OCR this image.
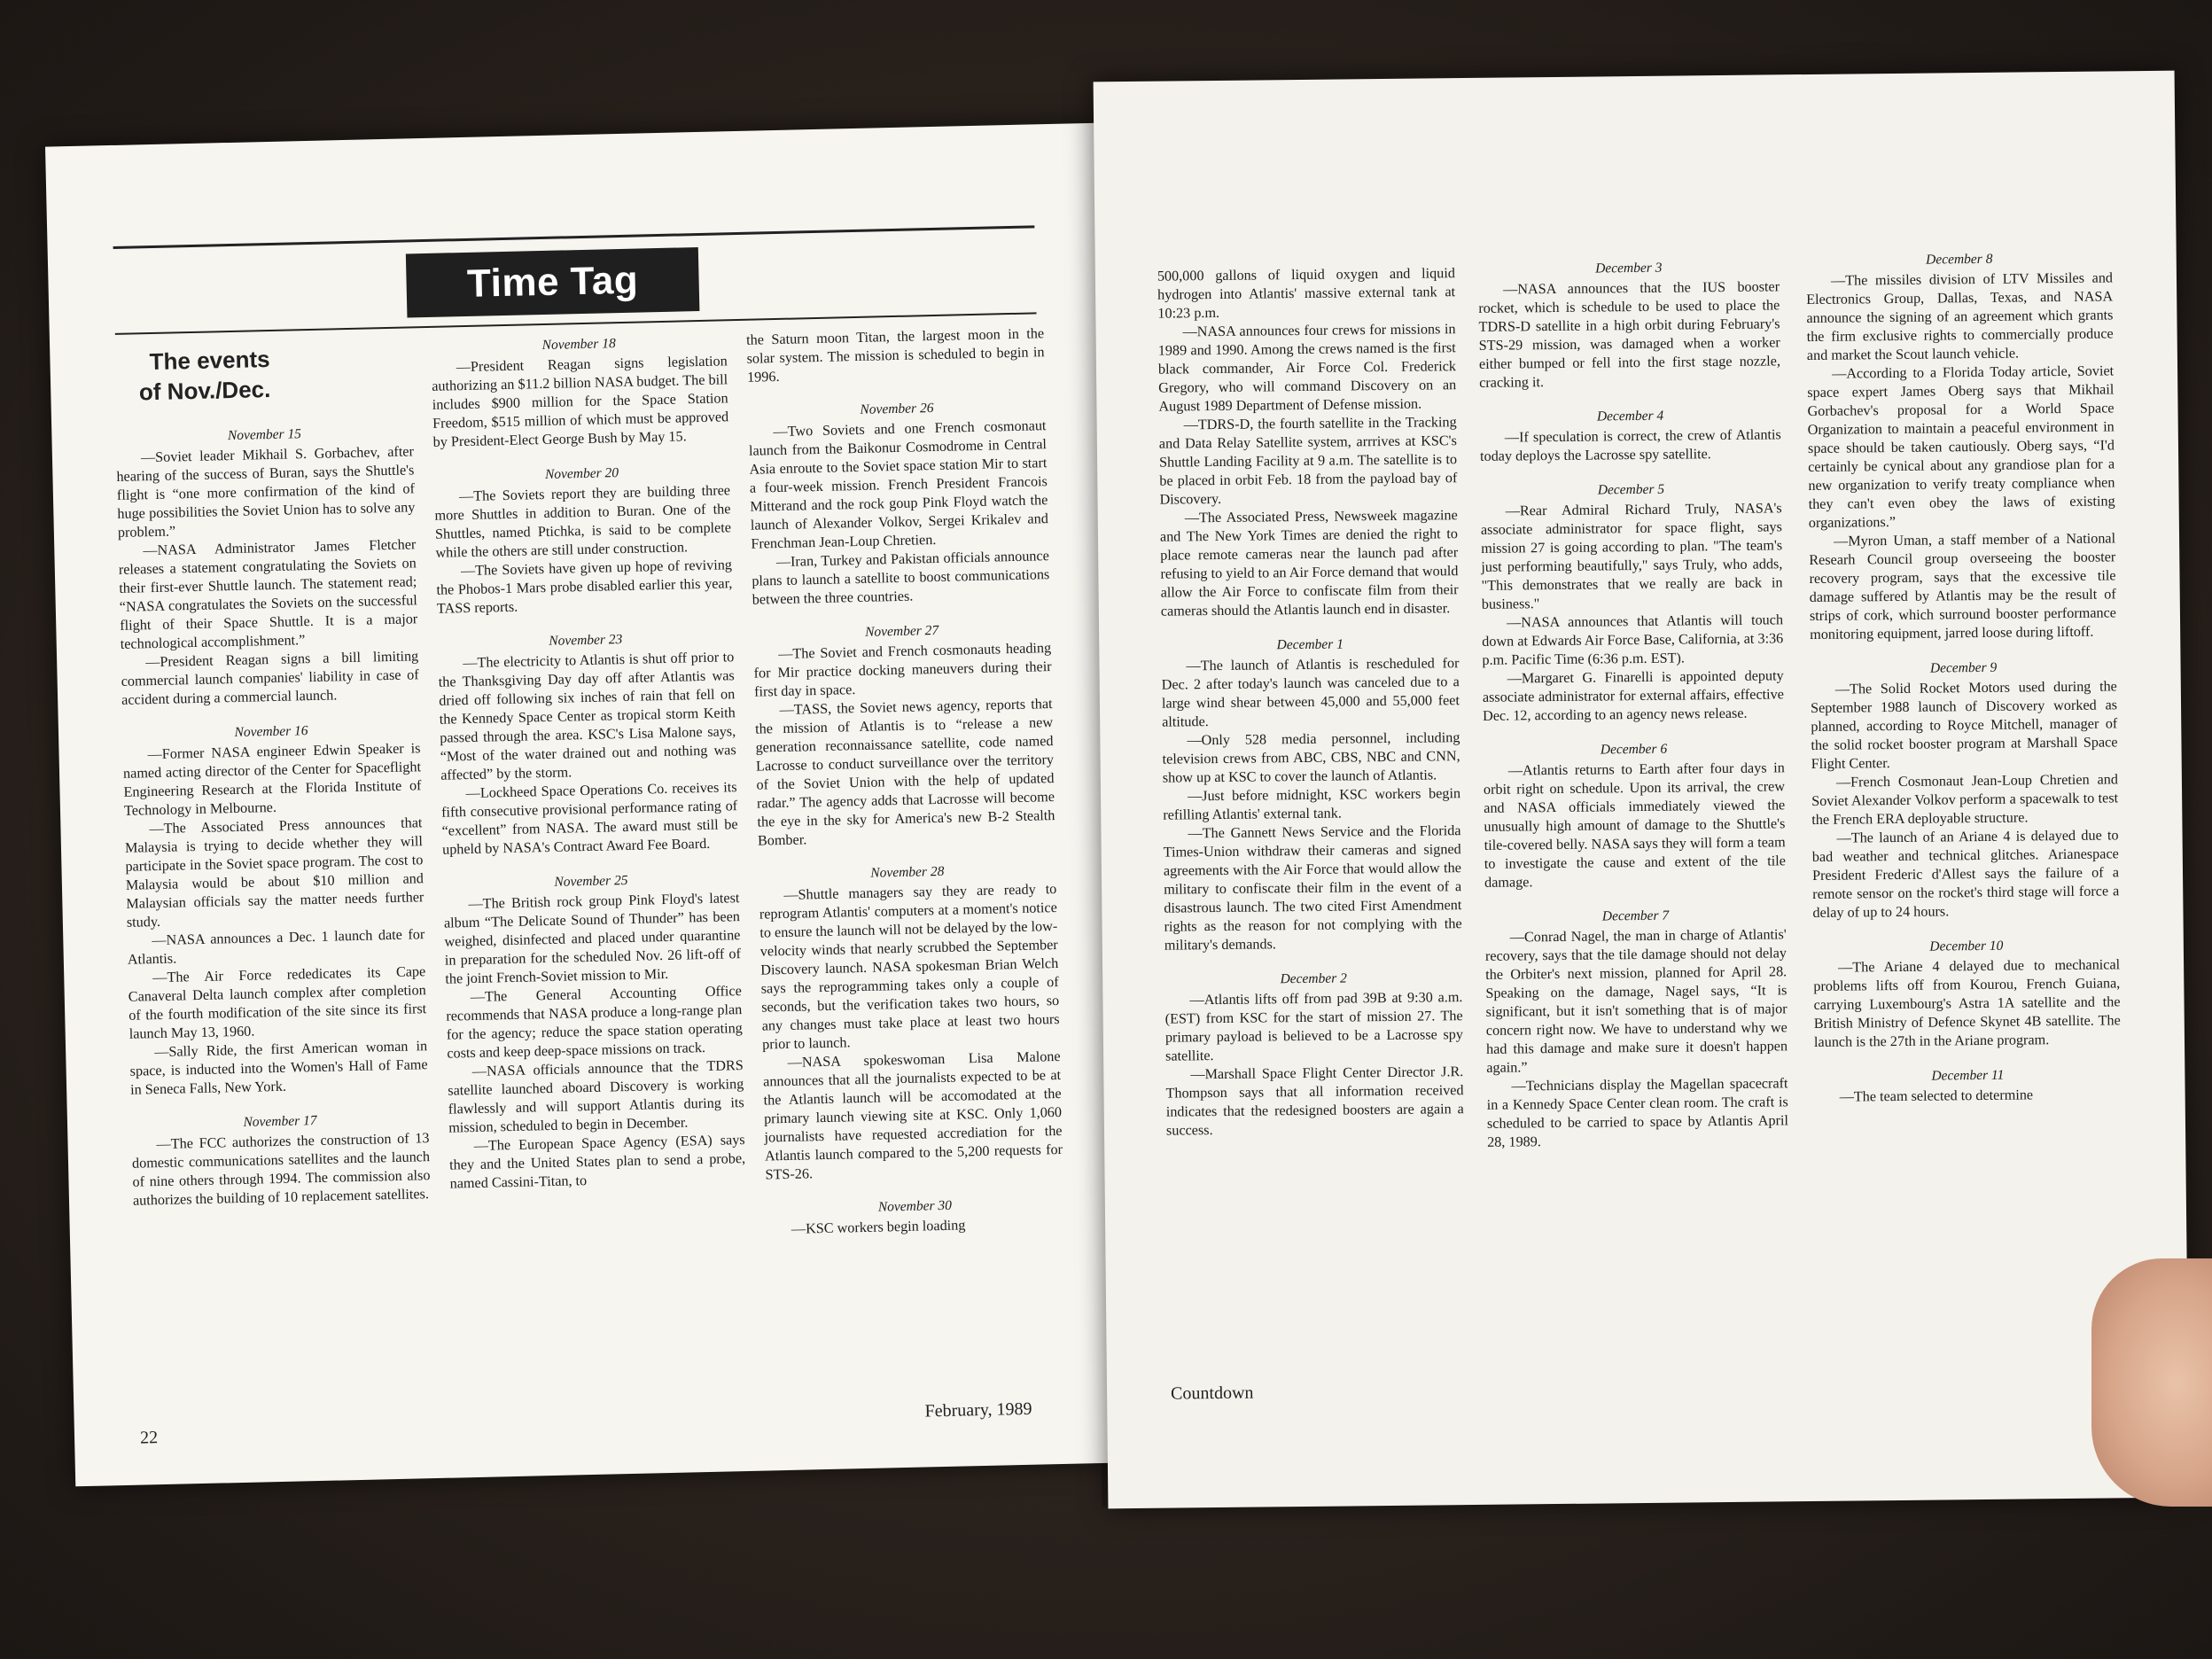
Time Tag
The events
of Nov./Dec.
November 15

—Soviet leader Mikhail S. Gorbachev, after hearing of the success of Buran, says the Shuttle's flight is “one more confirmation of the kind of huge possibilities the Soviet Union has to solve any problem.”

—NASA Administrator James Fletcher releases a statement congratulating the Soviets on their first-ever Shuttle launch. The statement read; “NASA congratulates the Soviets on the successful flight of their Space Shuttle. It is a major technological accomplishment.”

—President Reagan signs a bill limiting commercial launch companies' liability in case of accident during a commercial launch.

November 16

—Former NASA engineer Edwin Speaker is named acting director of the Center for Spaceflight Engineering Research at the Florida Institute of Technology in Melbourne.

—The Associated Press announces that Malaysia is trying to decide whether they will participate in the Soviet space program. The cost to Malaysia would be about $10 million and Malaysian officials say the matter needs further study.

—NASA announces a Dec. 1 launch date for Atlantis.

—The Air Force rededicates its Cape Canaveral Delta launch complex after completion of the fourth modification of the site since its first launch May 13, 1960.

—Sally Ride, the first American woman in space, is inducted into the Women's Hall of Fame in Seneca Falls, New York.

November 17

—The FCC authorizes the construction of 13 domestic communications satellites and the launch of nine others through 1994. The commission also authorizes the building of 10 replacement satellites.

November 18

—President Reagan signs legislation authorizing an $11.2 billion NASA budget. The bill includes $900 million for the Space Station Freedom, $515 million of which must be approved by President-Elect George Bush by May 15.

November 20

—The Soviets report they are building three more Shuttles in addition to Buran. One of the Shuttles, named Ptichka, is said to be complete while the others are still under construction.

—The Soviets have given up hope of reviving the Phobos-1 Mars probe disabled earlier this year, TASS reports.

November 23

—The electricity to Atlantis is shut off prior to the Thanksgiving Day day off after Atlantis was dried off following six inches of rain that fell on the Kennedy Space Center as tropical storm Keith passed through the area. KSC's Lisa Malone says, “Most of the water drained out and nothing was affected” by the storm.

—Lockheed Space Operations Co. receives its fifth consecutive provisional performance rating of “excellent” from NASA. The award must still be upheld by NASA's Contract Award Fee Board.

November 25

—The British rock group Pink Floyd's latest album “The Delicate Sound of Thunder” has been weighed, disinfected and placed under quarantine in preparation for the scheduled Nov. 26 lift-off of the joint French-Soviet mission to Mir.

—The General Accounting Office recommends that NASA produce a long-range plan for the agency; reduce the space station operating costs and keep deep-space missions on track.

—NASA officials announce that the TDRS satellite launched aboard Discovery is working flawlessly and will support Atlantis during its mission, scheduled to begin in December.

—The European Space Agency (ESA) says they and the United States plan to send a probe, named Cassini-Titan, to

the Saturn moon Titan, the largest moon in the solar system. The mission is scheduled to begin in 1996.

November 26

—Two Soviets and one French cosmonaut launch from the Baikonur Cosmodrome in Central Asia enroute to the Soviet space station Mir to start a four-week mission. French President Francois Mitterand and the rock goup Pink Floyd watch the launch of Alexander Volkov, Sergei Krikalev and Frenchman Jean-Loup Chretien.

—Iran, Turkey and Pakistan officials announce plans to launch a satellite to boost communications between the three countries.

November 27

—The Soviet and French cosmonauts heading for Mir practice docking maneuvers during their first day in space.

—TASS, the Soviet news agency, reports that the mission of Atlantis is to “release a new generation reconnaissance satellite, code named Lacrosse to conduct surveillance over the territory of the Soviet Union with the help of updated radar.” The agency adds that Lacrosse will become the eye in the sky for America's new B-2 Stealth Bomber.

November 28

—Shuttle managers say they are ready to reprogram Atlantis' computers at a moment's notice to ensure the launch will not be delayed by the low-velocity winds that nearly scrubbed the September Discovery launch. NASA spokesman Brian Welch says the reprogramming takes only a couple of seconds, but the verification takes two hours, so any changes must take place at least two hours prior to launch.

—NASA spokeswoman Lisa Malone announces that all the journalists expected to be at the Atlantis launch will be accomodated at the primary launch viewing site at KSC. Only 1,060 journalists have requested accrediation for the Atlantis launch compared to the 5,200 requests for STS-26.

November 30

—KSC workers begin loading

22
February, 1989

500,000 gallons of liquid oxygen and liquid hydrogen into Atlantis' massive external tank at 10:23 p.m.

—NASA announces four crews for missions in 1989 and 1990. Among the crews named is the first black commander, Air Force Col. Frederick Gregory, who will command Discovery on an August 1989 Department of Defense mission.

—TDRS-D, the fourth satellite in the Tracking and Data Relay Satellite system, arrrives at KSC's Shuttle Landing Facility at 9 a.m. The satellite is to be placed in orbit Feb. 18 from the payload bay of Discovery.

—The Associated Press, Newsweek magazine and The New York Times are denied the right to place remote cameras near the launch pad after refusing to yield to an Air Force demand that would allow the Air Force to confiscate film from their cameras should the Atlantis launch end in disaster.

December 1

—The launch of Atlantis is rescheduled for Dec. 2 after today's launch was canceled due to a large wind shear between 45,000 and 55,000 feet altitude.

—Only 528 media personnel, including television crews from ABC, CBS, NBC and CNN, show up at KSC to cover the launch of Atlantis.

—Just before midnight, KSC workers begin refilling Atlantis' external tank.

—The Gannett News Service and the Florida Times-Union withdraw their cameras and signed agreements with the Air Force that would allow the military to confiscate their film in the event of a disastrous launch. The two cited First Amendment rights as the reason for not complying with the military's demands.

December 2

—Atlantis lifts off from pad 39B at 9:30 a.m. (EST) from KSC for the start of mission 27. The primary payload is believed to be a Lacrosse spy satellite.

—Marshall Space Flight Center Director J.R. Thompson says that all information received indicates that the redesigned boosters are again a success.

December 3

—NASA announces that the IUS booster rocket, which is schedule to be used to place the TDRS-D satellite in a high orbit during February's STS-29 mission, was damaged when a worker either bumped or fell into the first stage nozzle, cracking it.

December 4

—If speculation is correct, the crew of Atlantis today deploys the Lacrosse spy satellite.

December 5

—Rear Admiral Richard Truly, NASA's associate administrator for space flight, says mission 27 is going according to plan. "The team's just performing beautifully," says Truly, who adds, "This demonstrates that we really are back in business."

—NASA announces that Atlantis will touch down at Edwards Air Force Base, California, at 3:36 p.m. Pacific Time (6:36 p.m. EST).

—Margaret G. Finarelli is appointed deputy associate administrator for external affairs, effective Dec. 12, according to an agency news release.

December 6

—Atlantis returns to Earth after four days in orbit right on schedule. Upon its arrival, the crew and NASA officials immediately viewed the unusually high amount of damage to the Shuttle's tile-covered belly. NASA says they will form a team to investigate the cause and extent of the tile damage.

December 7

—Conrad Nagel, the man in charge of Atlantis' recovery, says that the tile damage should not delay the Orbiter's next mission, planned for April 28. Speaking on the damage, Nagel says, “It is significant, but it isn't something that is of major concern right now. We have to understand why we had this damage and make sure it doesn't happen again.”

—Technicians display the Magellan spacecraft in a Kennedy Space Center clean room. The craft is scheduled to be carried to space by Atlantis April 28, 1989.

December 8

—The missiles division of LTV Missiles and Electronics Group, Dallas, Texas, and NASA announce the signing of an agreement which grants the firm exclusive rights to commercially produce and market the Scout launch vehicle.

—According to a Florida Today article, Soviet space expert James Oberg says that Mikhail Gorbachev's proposal for a World Space Organization to maintain a peaceful environment in space should be taken cautiously. Oberg says, “I'd certainly be cynical about any grandiose plan for a new organization to verify treaty compliance when they can't even obey the laws of existing organizations.”

—Myron Uman, a staff member of a National Researh Council group overseeing the booster recovery program, says that the excessive tile damage suffered by Atlantis may be the result of strips of cork, which surround booster performance monitoring equipment, jarred loose during liftoff.

December 9

—The Solid Rocket Motors used during the September 1988 launch of Discovery worked as planned, according to Royce Mitchell, manager of the solid rocket booster program at Marshall Space Flight Center.

—French Cosmonaut Jean-Loup Chretien and Soviet Alexander Volkov perform a spacewalk to test the French ERA deployable structure.

—The launch of an Ariane 4 is delayed due to bad weather and technical glitches. Arianespace President Frederic d'Allest says the failure of a remote sensor on the rocket's third stage will force a delay of up to 24 hours.

December 10

—The Ariane 4 delayed due to mechanical problems lifts off from Kourou, French Guiana, carrying Luxembourg's Astra 1A satellite and the British Ministry of Defence Skynet 4B satellite. The launch is the 27th in the Ariane program.

December 11

—The team selected to determine

Countdown
